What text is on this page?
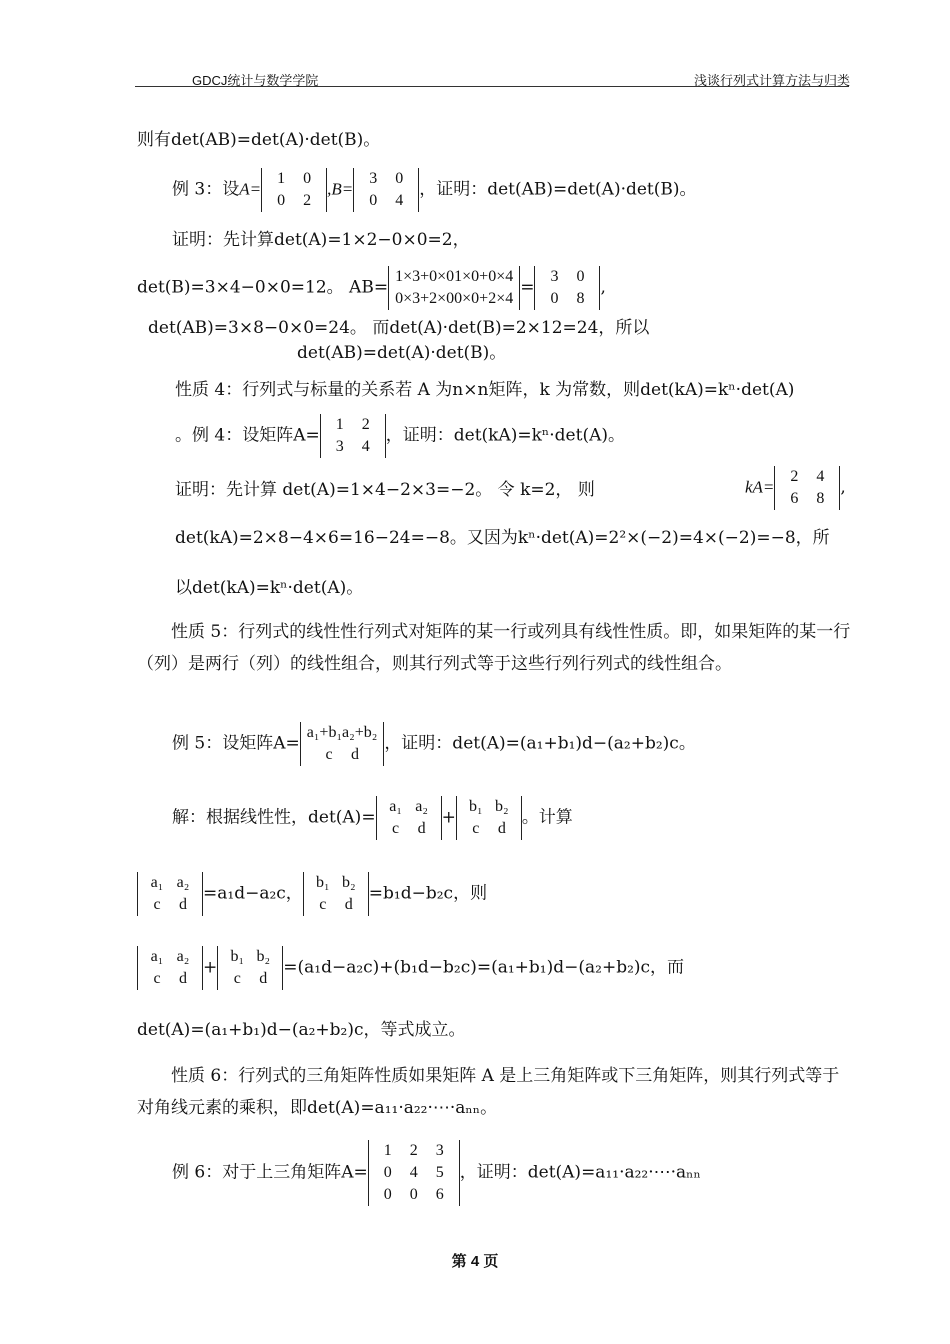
GDCJ统计与数学学院	浅谈行列式计算方法与归类
则有det(AB)=det(A)·det(B)。
例 3：设A=
1 0
0 2
,B=
3 0
0 4
，证明：det(AB)=det(A)·det(B)。
证明：先计算det(A)=1×2−0×0=2，
det(B)=3×4−0×0=12。 AB=
1×3+0×01×0+0×4
0×3+2×00×0+2×4
=
3 0
0 8
,
det(AB)=3×8−0×0=24。 而det(A)·det(B)=2×12=24，所以
det(AB)=det(A)·det(B)。
性质 4：行列式与标量的关系若 A 为n×n矩阵，k 为常数，则det(kA)=kⁿ·det(A)
。例 4：设矩阵A=
1 2
3 4
，证明：det(kA)=kⁿ·det(A)。
证明：先计算 det(A)=1×4−2×3=−2。 令 k=2， 则	kA=
2 4
6 8
,
det(kA)=2×8−4×6=16−24=−8。又因为kⁿ·det(A)=2²×(−2)=4×(−2)=−8，所
以det(kA)=kⁿ·det(A)。
性质 5：行列式的线性性行列式对矩阵的某一行或列具有线性性质。即，如果矩阵的某一行（列）是两行（列）的线性组合，则其行列式等于这些行列行列式的线性组合。
例 5：设矩阵A=
a₁+b₁a₂+b₂
c d
，证明：det(A)=(a₁+b₁)d−(a₂+b₂)c。
解：根据线性性，det(A)=
a₁ a₂
c d
+
b₁ b₂
c d
。计算
a₁ a₂
c d
=a₁d−a₂c，
b₁ b₂
c d
=b₁d−b₂c，则
a₁ a₂
c d
+
b₁ b₂
c d
=(a₁d−a₂c)+(b₁d−b₂c)=(a₁+b₁)d−(a₂+b₂)c，而
det(A)=(a₁+b₁)d−(a₂+b₂)c，等式成立。
性质 6：行列式的三角矩阵性质如果矩阵 A 是上三角矩阵或下三角矩阵，则其行列式等于对角线元素的乘积，即det(A)=a₁₁·a₂₂·⋯·aₙₙ。
例 6：对于上三角矩阵A=
1 2 3
0 4 5
0 0 6
，证明：det(A)=a₁₁·a₂₂·⋯·aₙₙ
第 4 页
